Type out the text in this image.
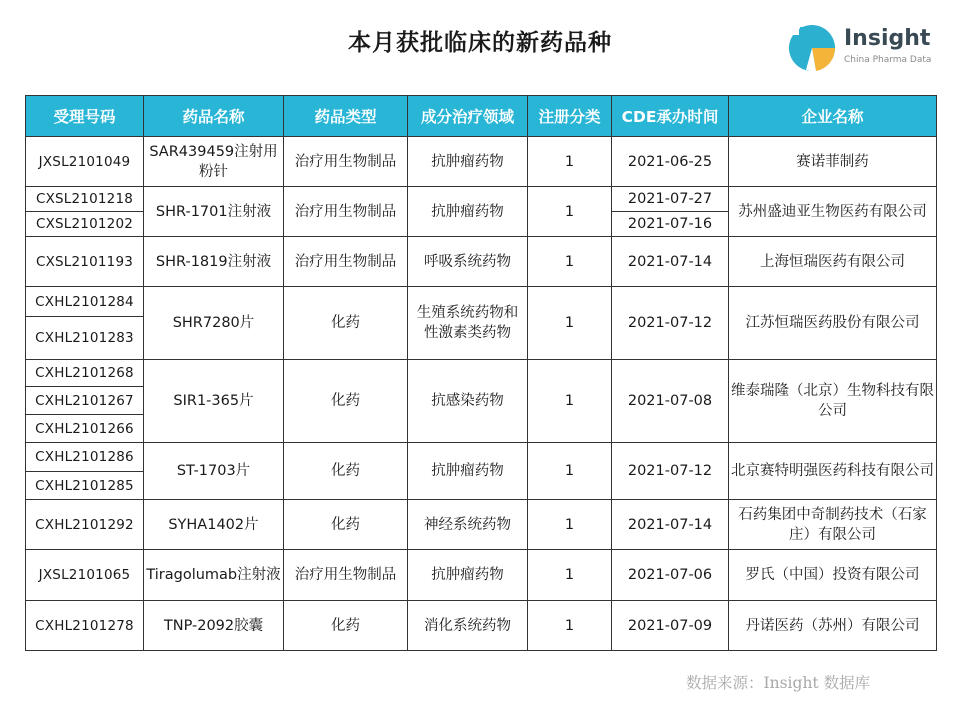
本月获批临床的新药品种	Insight
China Pharma Data
受理号码	药品名称	药品类型	成分治疗领域	注册分类	CDE承办时间	企业名称
JXSL2101049	SAR439459注射用粉针	治疗用生物制品	抗肿瘤药物	1	2021-06-25	赛诺菲制药
CXSL2101218	SHR-1701注射液	治疗用生物制品	抗肿瘤药物	1	2021-07-27	苏州盛迪亚生物医药有限公司
CXSL2101202					2021-07-16	
CXSL2101193	SHR-1819注射液	治疗用生物制品	呼吸系统药物	1	2021-07-14	上海恒瑞医药有限公司
CXHL2101284	SHR7280片	化药	生殖系统药物和性激素类药物	1	2021-07-12	江苏恒瑞医药股份有限公司
CXHL2101283						
CXHL2101268	SIR1-365片	化药	抗感染药物	1	2021-07-08	维泰瑞隆（北京）生物科技有限公司
CXHL2101267						
CXHL2101266						
CXHL2101286	ST-1703片	化药	抗肿瘤药物	1	2021-07-12	北京赛特明强医药科技有限公司
CXHL2101285						
CXHL2101292	SYHA1402片	化药	神经系统药物	1	2021-07-14	石药集团中奇制药技术（石家庄）有限公司
JXSL2101065	Tiragolumab注射液	治疗用生物制品	抗肿瘤药物	1	2021-07-06	罗氏（中国）投资有限公司
CXHL2101278	TNP-2092胶囊	化药	消化系统药物	1	2021-07-09	丹诺医药（苏州）有限公司
数据来源：Insight 数据库
